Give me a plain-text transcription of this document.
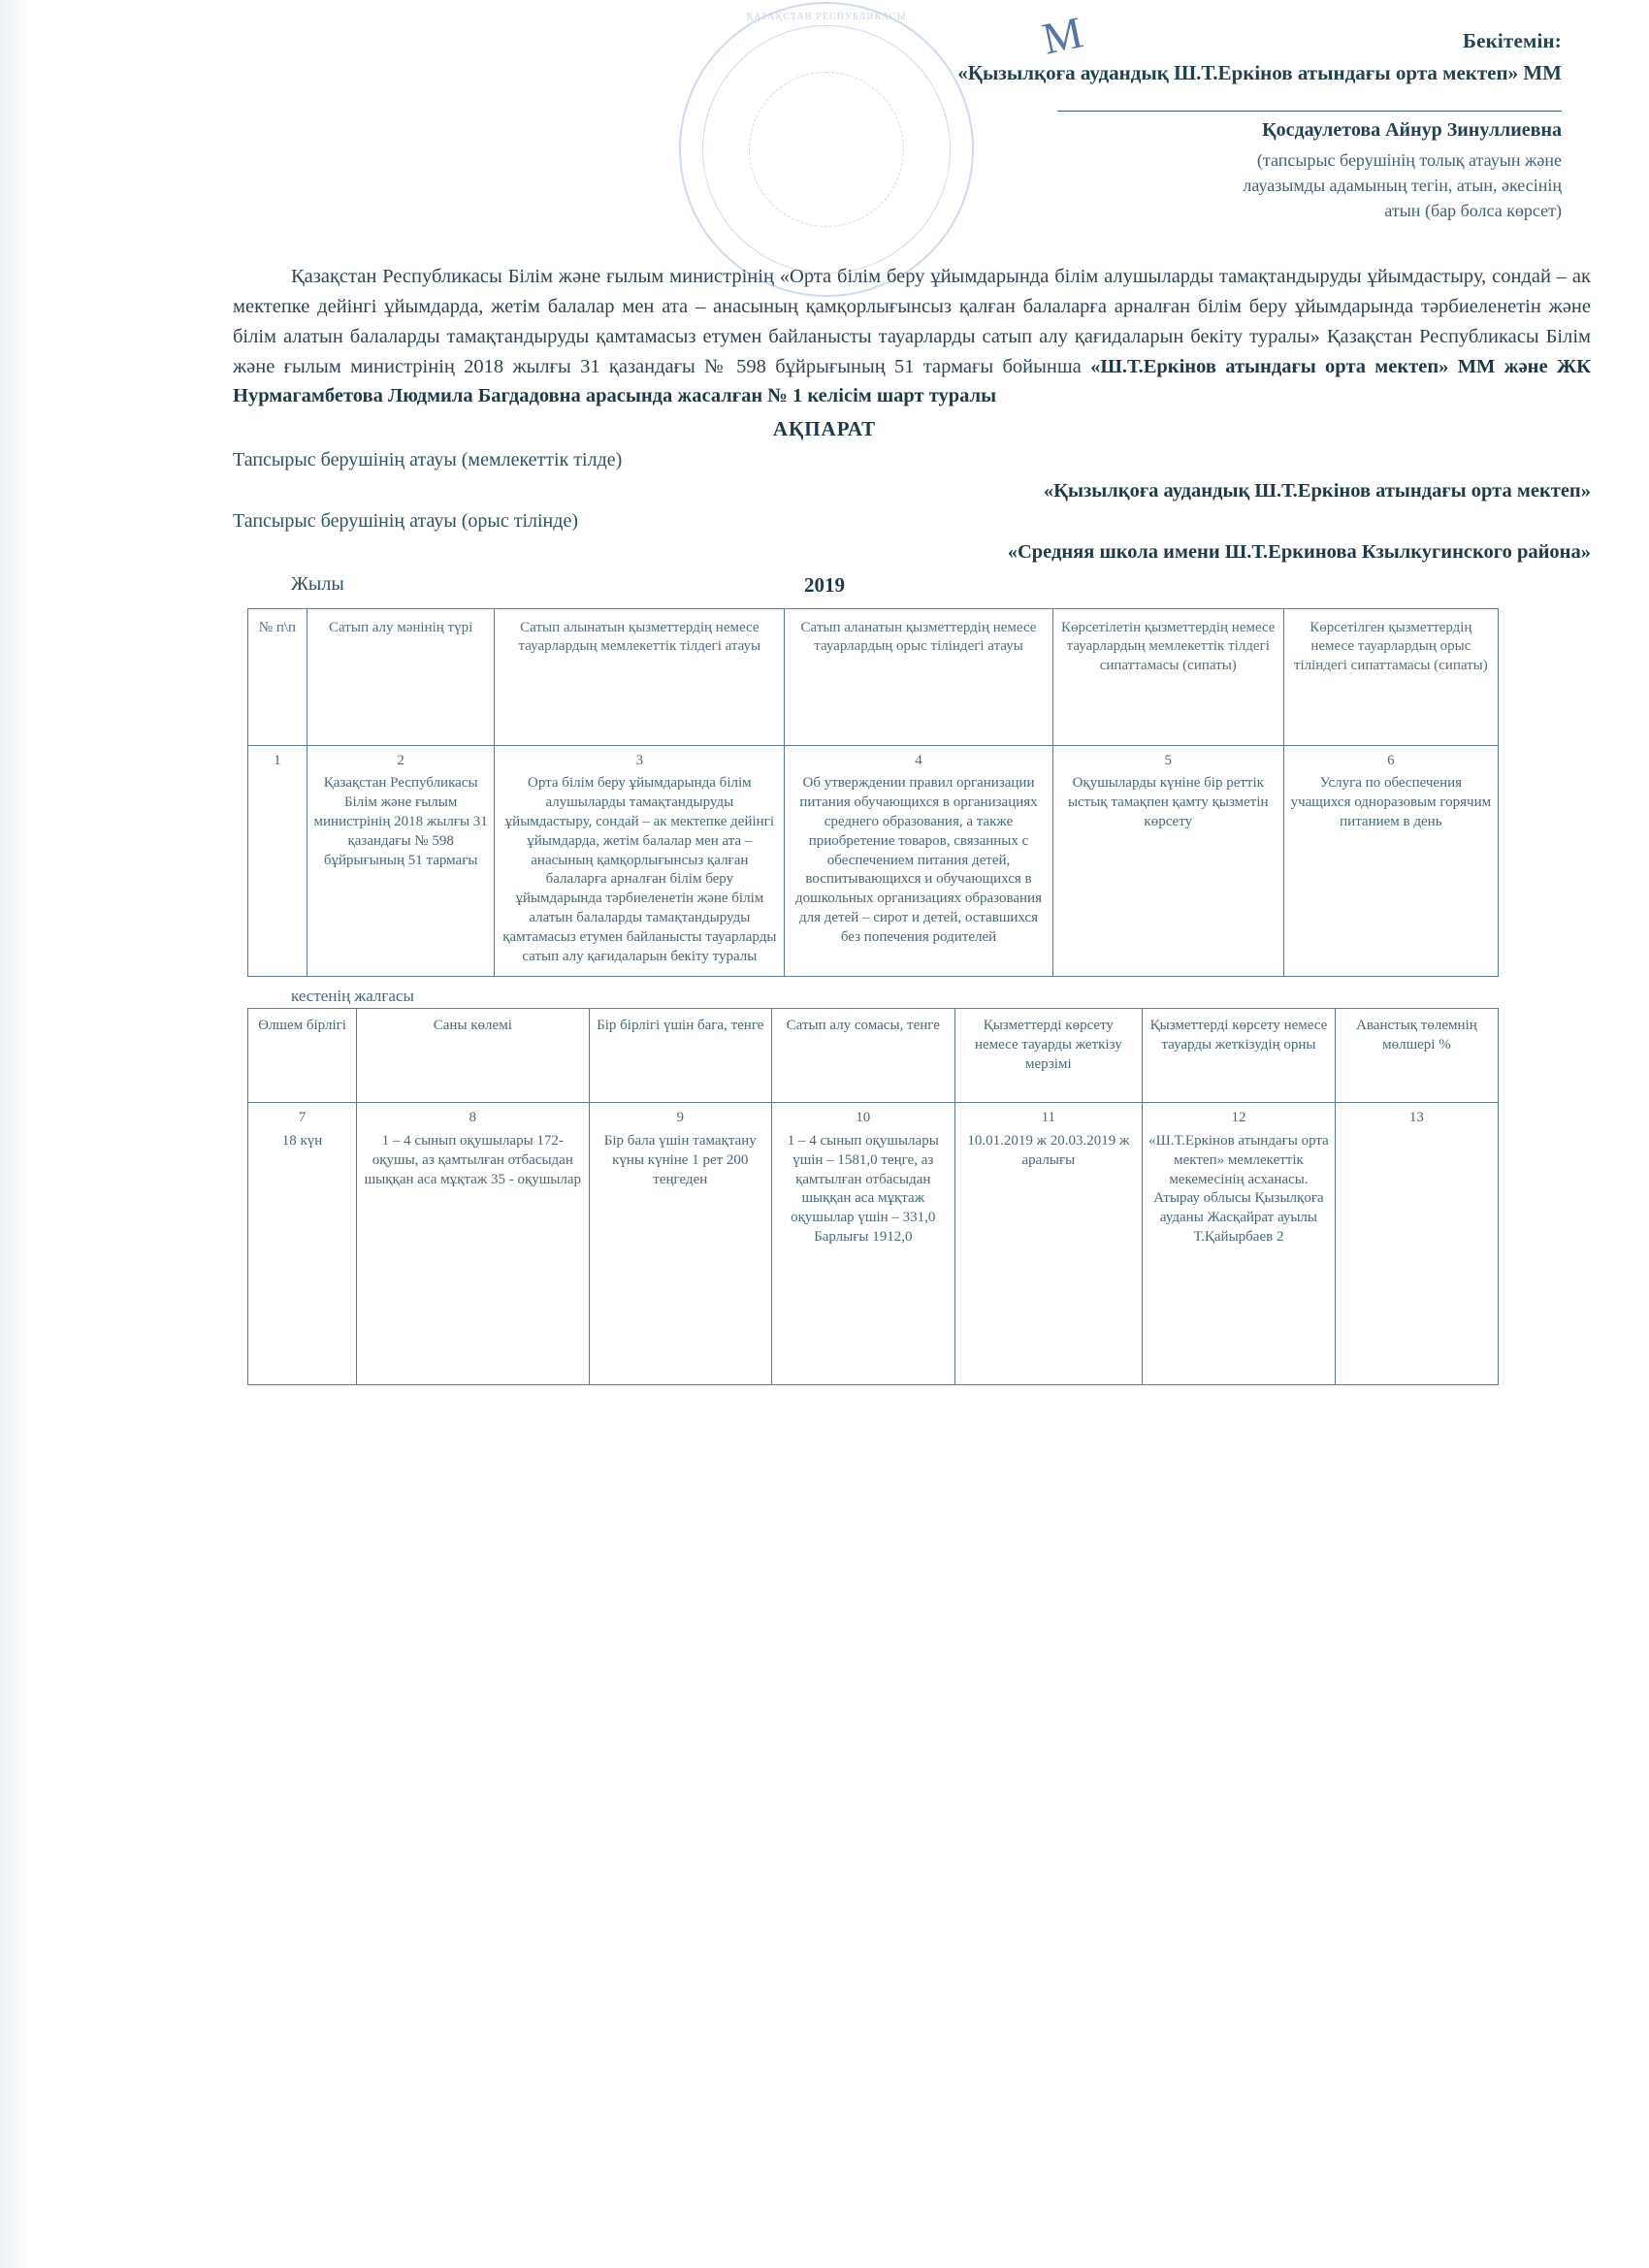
ҚАЗАҚСТАН РЕСПУБЛИКАСЫ	М	Бекітемін:

«Қызылқоға аудандық Ш.Т.Еркінов атындағы орта мектеп» ММ

Қосдаулетова Айнур Зинуллиевна

(тапсырыс берушінің толық атауын және
лауазымды адамының тегін, атын, әкесінің
атын (бар болса көрсет)

Қазақстан Республикасы Білім және ғылым министрінің «Орта білім беру ұйымдарында білім алушыларды тамақтандыруды ұйымдастыру, сондай – ак мектепке дейінгі ұйымдарда, жетім балалар мен ата – анасының қамқорлығынсыз қалған балаларға арналған білім беру ұйымдарында тәрбиеленетін және білім алатын балаларды тамақтандыруды қамтамасыз етумен байланысты тауарларды сатып алу қағидаларын бекіту туралы» Қазақстан Республикасы Білім және ғылым министрінің 2018 жылғы 31 қазандағы № 598 бұйрығының 51 тармағы бойынша «Ш.Т.Еркінов атындағы орта мектеп» ММ және ЖК Нурмагамбетова Людмила Багдадовна арасында жасалған № 1 келісім шарт туралы

АҚПАРАТ
Тапсырыс берушінің атауы (мемлекеттік тілде)
«Қызылқоға аудандық Ш.Т.Еркінов атындағы орта мектеп»
Тапсырыс берушінің атауы (орыс тілінде)
«Средняя школа имени Ш.Т.Еркинова Кзылкугинского района»
Жылы	2019
№ п\п	Сатып алу мәнінің түрі	Сатып алынатын қызметтердің немесе тауарлардың мемлекеттік тілдегі атауы	Сатып аланатын қызметтердің немесе тауарлардың орыс тіліндегі атауы	Көрсетілетін қызметтердің немесе тауарлардың мемлекеттік тілдегі сипаттамасы (сипаты)	Көрсетілген қызметтердің немесе тауарлардың орыс тіліндегі сипаттамасы (сипаты)
1	2	3	4	5	6
	Қазақстан Республикасы Білім және ғылым министрінің 2018 жылғы 31 қазандағы № 598 бұйрығының 51 тармағы	Орта білім беру ұйымдарында білім алушыларды тамақтандыруды ұйымдастыру, сондай – ак мектепке дейінгі ұйымдарда, жетім балалар мен ата – анасының қамқорлығынсыз қалған балаларға арналған білім беру ұйымдарында тәрбиеленетін және білім алатын балаларды тамақтандыруды қамтамасыз етумен байланысты тауарларды сатып алу қағидаларын бекіту туралы	Об утверждении правил организации питания обучающихся в организациях среднего образования, а также приобретение товаров, связанных с обеспечением питания детей, воспитывающихся и обучающихся в дошкольных организациях образования для детей – сирот и детей, оставшихся без попечения родителей	Оқушыларды күніне бір реттік ыстық тамақпен қамту қызметін көрсету	Услуга по обеспечения учащихся одноразовым горячим питанием в день
кестенің жалғасы
Өлшем бірлігі	Саны көлемі	Бір бірлігі үшін бага, тенге	Сатып алу сомасы, тенге	Қызметтерді көрсету немесе тауарды жеткізу мерзімі	Қызметтерді көрсету немесе тауарды жеткізудің орны	Аванстық төлемнің мөлшері %
7	8	9	10	11	12	13
18 күн	1 – 4 сынып оқушылары 172- оқушы, аз қамтылған отбасыдан шыққан аса мұқтаж 35 - оқушылар	Бір бала үшін тамақтану күны күніне 1 рет 200 теңгеден	1 – 4 сынып оқушылары үшін – 1581,0 теңге, аз қамтылған отбасыдан шыққан аса мұқтаж оқушылар үшін – 331,0 Барлығы 1912,0	10.01.2019 ж 20.03.2019 ж аралығы	«Ш.Т.Еркінов атындағы орта мектеп» мемлекеттік мекемесінің асханасы. Атырау облысы Қызылқоға ауданы Жасқайрат ауылы Т.Қайырбаев 2	
